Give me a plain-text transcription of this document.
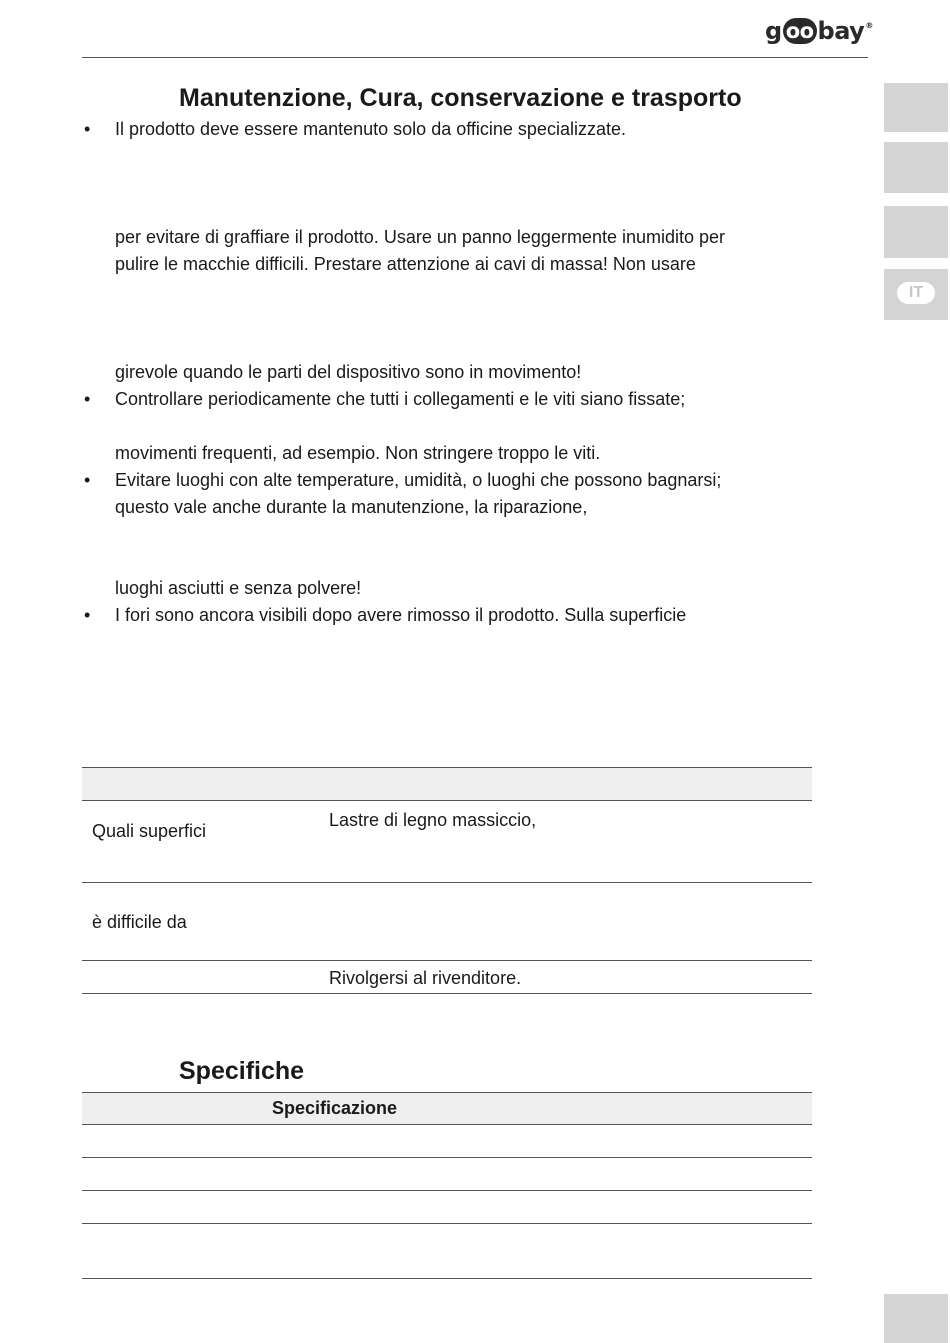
g oo bay ®
IT
Manutenzione, Cura, conservazione e trasporto
• Il prodotto deve essere mantenuto solo da officine specializzate.
per evitare di graffiare il prodotto. Usare un panno leggermente inumidito per
pulire le macchie difficili. Prestare attenzione ai cavi di massa! Non usare
girevole quando le parti del dispositivo sono in movimento!
• Controllare periodicamente che tutti i collegamenti e le viti siano fissate;
movimenti frequenti, ad esempio. Non stringere troppo le viti.
• Evitare luoghi con alte temperature, umidità, o luoghi che possono bagnarsi;
questo vale anche durante la manutenzione, la riparazione,
luoghi asciutti e senza polvere!
• I fori sono ancora visibili dopo avere rimosso il prodotto. Sulla superficie
Quali superfici
Lastre di legno massiccio,
è difficile da
Rivolgersi al rivenditore.
Specifiche
Specificazione
